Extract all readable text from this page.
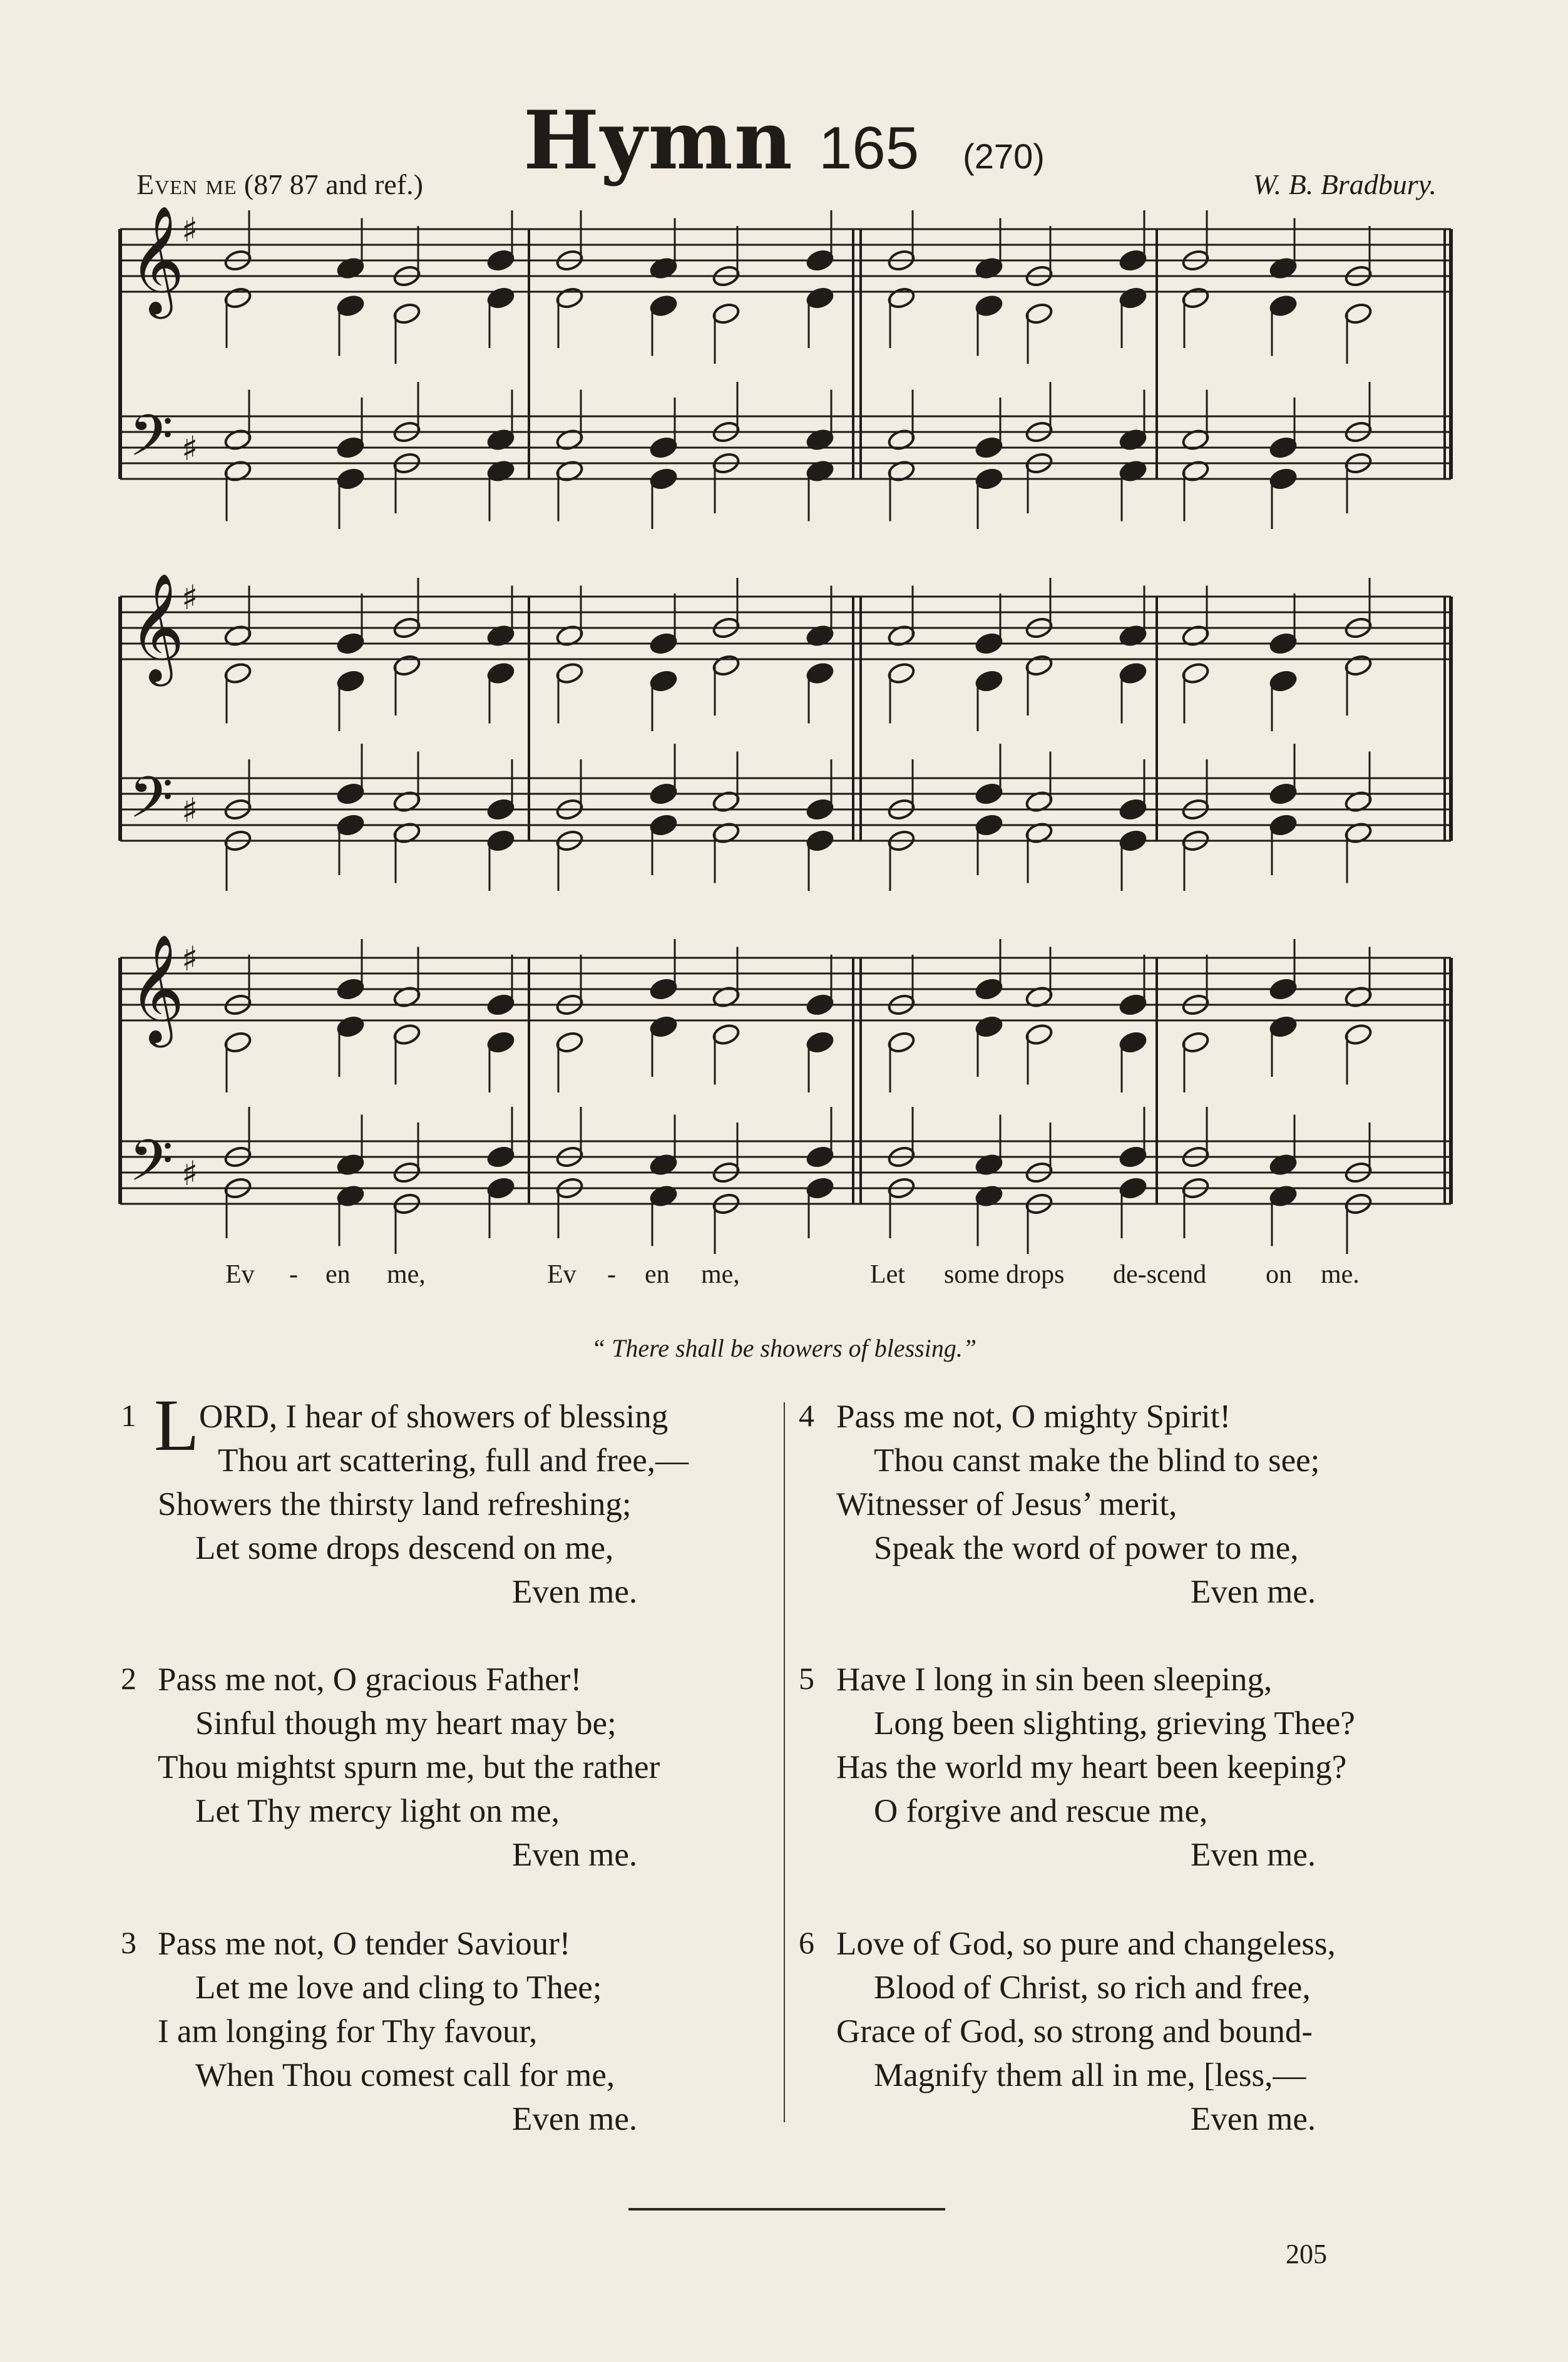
Hymn 165 (270)
Even me (87 87 and ref.)	W. B. Bradbury.
𝄞
𝄢
♯
♯
𝄞
𝄢
♯
♯
𝄞
𝄢
♯
♯
Ev - en me,	Ev - en me,	Let some drops de-scend on me.
“ There shall be showers of blessing.”
1 L ORD, I hear of showers of blessing
Thou art scattering, full and free,—
Showers the thirsty land refreshing;
Let some drops descend on me,
Even me.
2 Pass me not, O gracious Father!
Sinful though my heart may be;
Thou mightst spurn me, but the rather
Let Thy mercy light on me,
Even me.
3 Pass me not, O tender Saviour!
Let me love and cling to Thee;
I am longing for Thy favour,
When Thou comest call for me,
Even me.
4 Pass me not, O mighty Spirit!
Thou canst make the blind to see;
Witnesser of Jesus’ merit,
Speak the word of power to me,
Even me.
5 Have I long in sin been sleeping,
Long been slighting, grieving Thee?
Has the world my heart been keeping?
O forgive and rescue me,
Even me.
6 Love of God, so pure and changeless,
Blood of Christ, so rich and free,
Grace of God, so strong and bound-
Magnify them all in me, [less,—
Even me.
205
